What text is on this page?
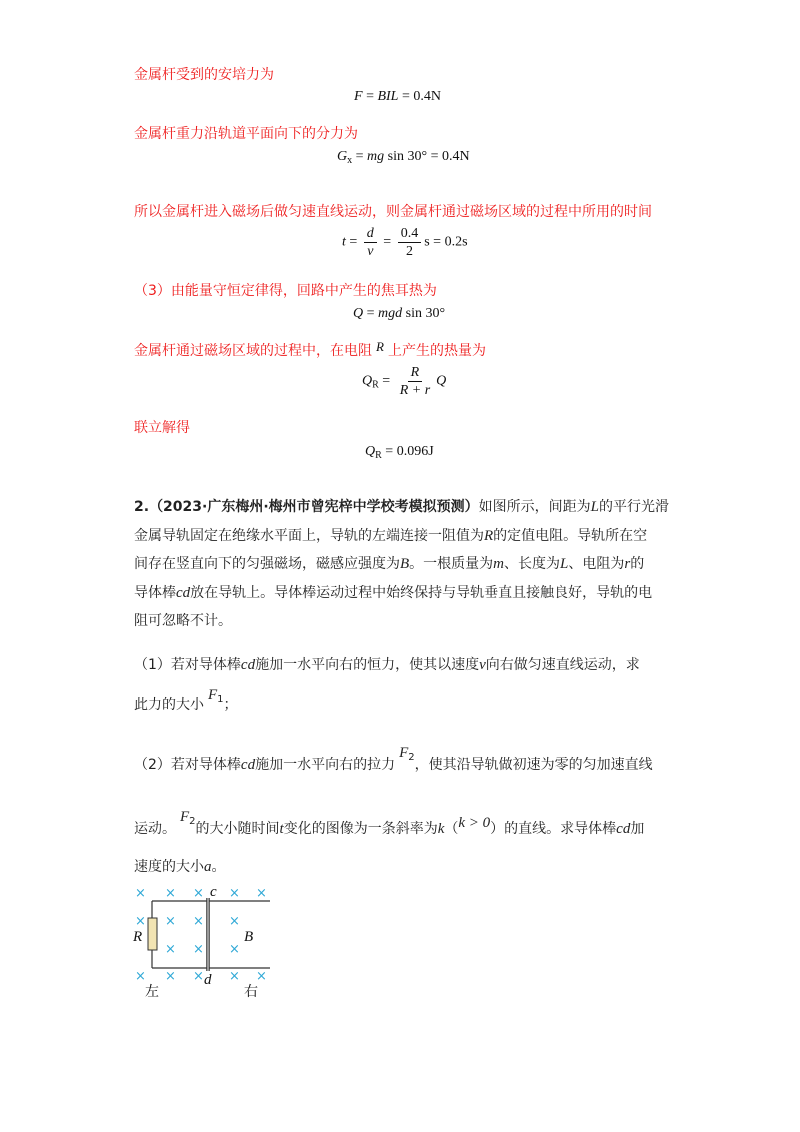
金属杆受到的安培力为
F = BIL = 0.4N
金属杆重力沿轨道平面向下的分力为
$G_x$ = mg sin 30° = 0.4N
所以金属杆进入磁场后做匀速直线运动，则金属杆通过磁场区域的过程中所用的时间
$t = \frac{d}{v} = \frac{0.4}{2}$ s = 0.2s
（3）由能量守恒定律得，回路中产生的焦耳热为
Q = mgd sin 30°
金属杆通过磁场区域的过程中，在电阻 R 上产生的热量为
$Q_R = \frac{R}{R + r}$ Q
联立解得
$Q_R = 0.096J$
2.（2023·广东梅州·梅州市曾宪梓中学校考模拟预测）如图所示，间距为L的平行光滑
金属导轨固定在绝缘水平面上，导轨的左端连接一阻值为R的定值电阻。导轨所在空
间存在竖直向下的匀强磁场，磁感应强度为B。一根质量为m、长度为L、电阻为r的
导体棒cd放在导轨上。导体棒运动过程中始终保持与导轨垂直且接触良好，导轨的电
阻可忽略不计。
（1）若对导体棒cd施加一水平向右的恒力，使其以速度v向右做匀速直线运动，求
此力的大小$F_1$；
（2）若对导体棒cd施加一水平向右的拉力$F_2$，使其沿导轨做初速为零的匀加速直线
运动。$F_2$的大小随时间t变化的图像为一条斜率为k（k > 0）的直线。求导体棒cd加
速度的大小a。
× × × × ×
× × × ×
× × ×
× × × × ×
c
d
R	B
左	右
